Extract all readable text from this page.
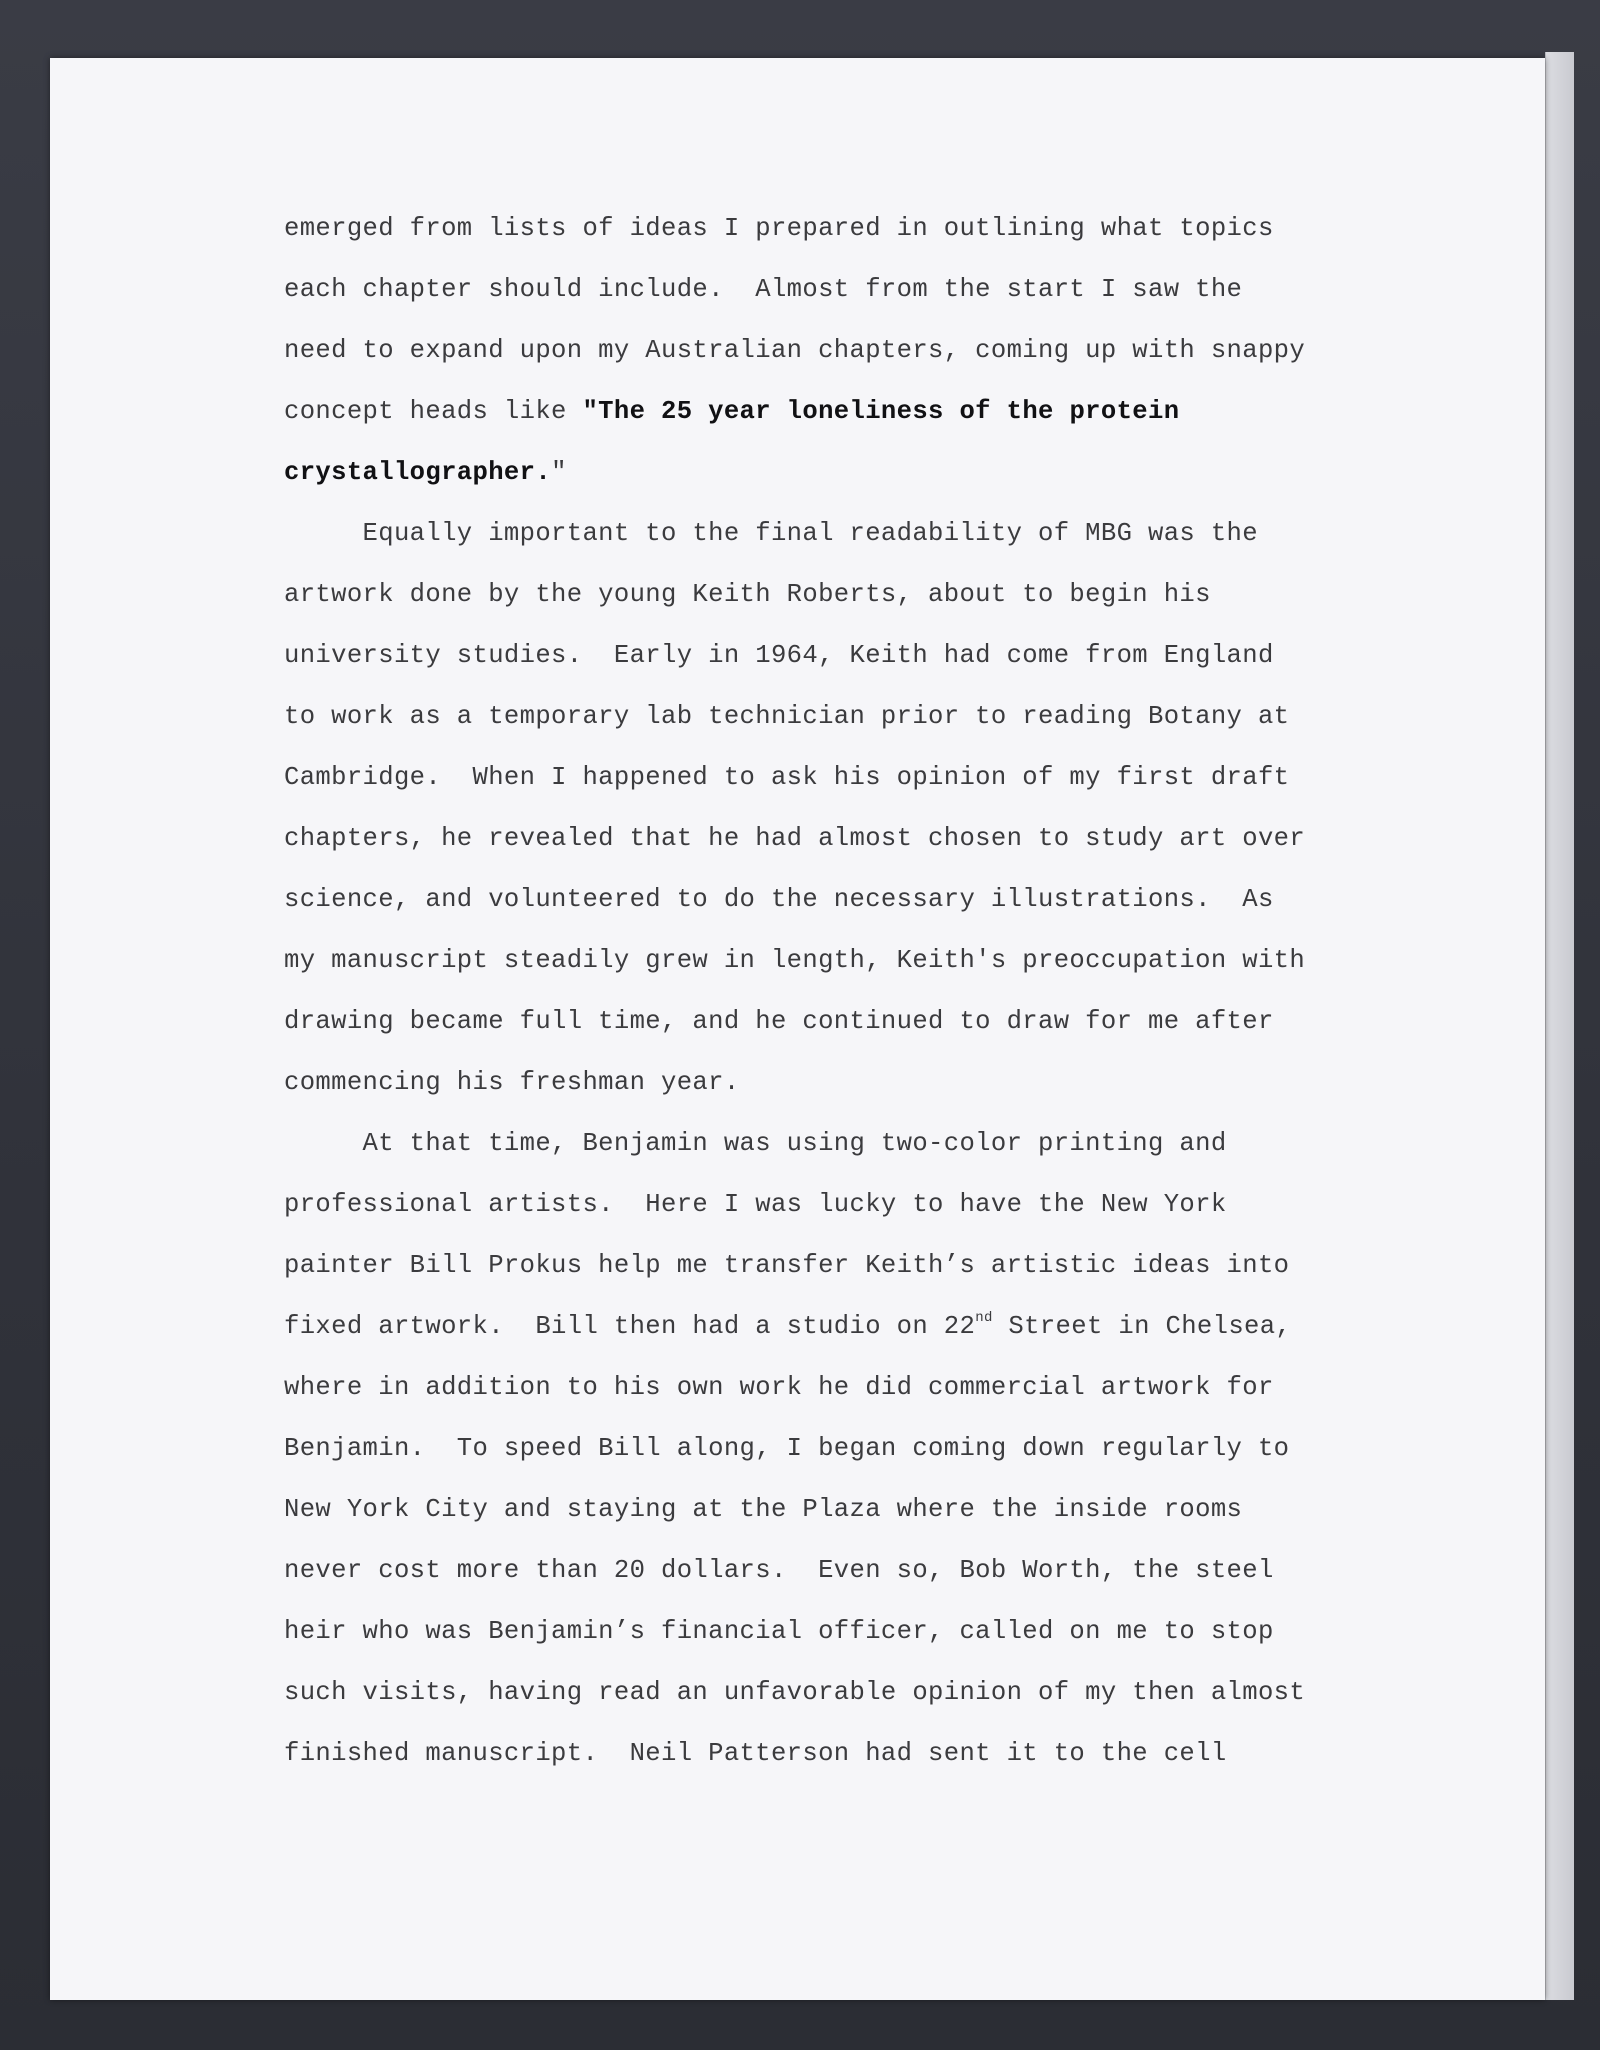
emerged from lists of ideas I prepared in outlining what topics
each chapter should include.  Almost from the start I saw the
need to expand upon my Australian chapters, coming up with snappy
concept heads like "The 25 year loneliness of the protein
crystallographer."
Equally important to the final readability of MBG was the
artwork done by the young Keith Roberts, about to begin his
university studies.  Early in 1964, Keith had come from England
to work as a temporary lab technician prior to reading Botany at
Cambridge.  When I happened to ask his opinion of my first draft
chapters, he revealed that he had almost chosen to study art over
science, and volunteered to do the necessary illustrations.  As
my manuscript steadily grew in length, Keith's preoccupation with
drawing became full time, and he continued to draw for me after
commencing his freshman year.
At that time, Benjamin was using two-color printing and
professional artists.  Here I was lucky to have the New York
painter Bill Prokus help me transfer Keith’s artistic ideas into
fixed artwork.  Bill then had a studio on 22nd Street in Chelsea,
where in addition to his own work he did commercial artwork for
Benjamin.  To speed Bill along, I began coming down regularly to
New York City and staying at the Plaza where the inside rooms
never cost more than 20 dollars.  Even so, Bob Worth, the steel
heir who was Benjamin’s financial officer, called on me to stop
such visits, having read an unfavorable opinion of my then almost
finished manuscript.  Neil Patterson had sent it to the cell
